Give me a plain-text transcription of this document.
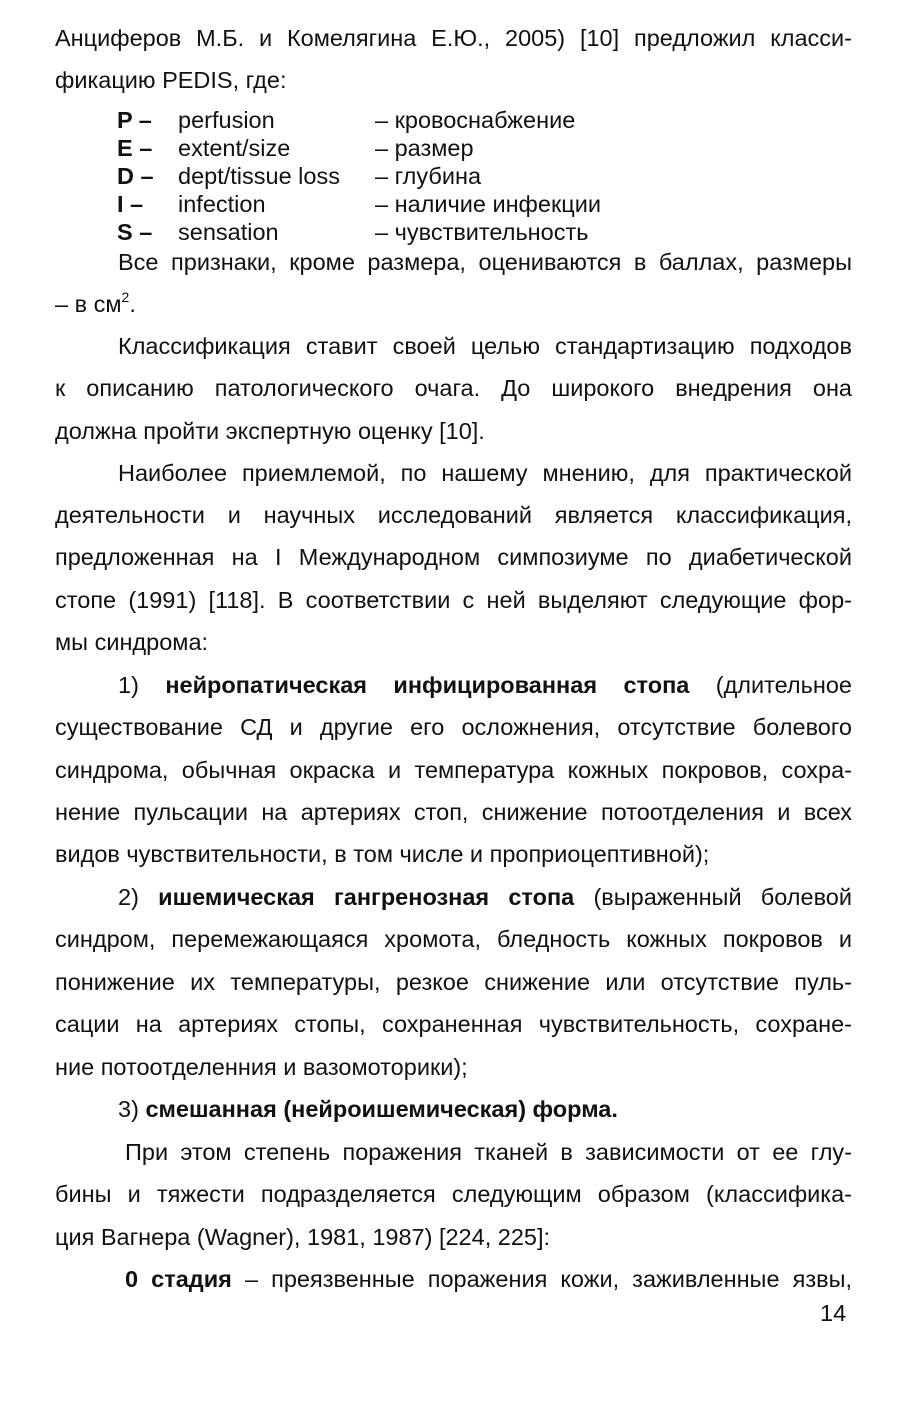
Анциферов М.Б. и Комелягина Е.Ю., 2005) [10] предложил класси-
фикацию PEDIS, где:
P – perfusion	– кровоснабжение
E – extent/size	– размер
D – dept/tissue loss – глубина
I – infection	– наличие инфекции
S – sensation	– чувствительность
Все признаки, кроме размера, оцениваются в баллах, размеры
– в $см^2$.
Классификация ставит своей целью стандартизацию подходов
к описанию патологического очага. До широкого внедрения она
должна пройти экспертную оценку [10].
Наиболее приемлемой, по нашему мнению, для практической
деятельности и научных исследований является классификация,
предложенная на I Международном симпозиуме по диабетической
стопе (1991) [118]. В соответствии с ней выделяют следующие фор-
мы синдрома:
1) нейропатическая инфицированная стопа (длительное
существование СД и другие его осложнения, отсутствие болевого
синдрома, обычная окраска и температура кожных покровов, сохра-
нение пульсации на артериях стоп, снижение потоотделения и всех
видов чувствительности, в том числе и проприоцептивной);
2) ишемическая гангренозная стопа (выраженный болевой
синдром, перемежающаяся хромота, бледность кожных покровов и
понижение их температуры, резкое снижение или отсутствие пуль-
сации на артериях стопы, сохраненная чувствительность, сохране-
ние потоотделенния и вазомоторики);
3) смешанная (нейроишемическая) форма.
При этом степень поражения тканей в зависимости от ее глу-
бины и тяжести подразделяется следующим образом (классифика-
ция Вагнера (Wagner), 1981, 1987) [224, 225]:
0 стадия – преязвенные поражения кожи, заживленные язвы,
14
